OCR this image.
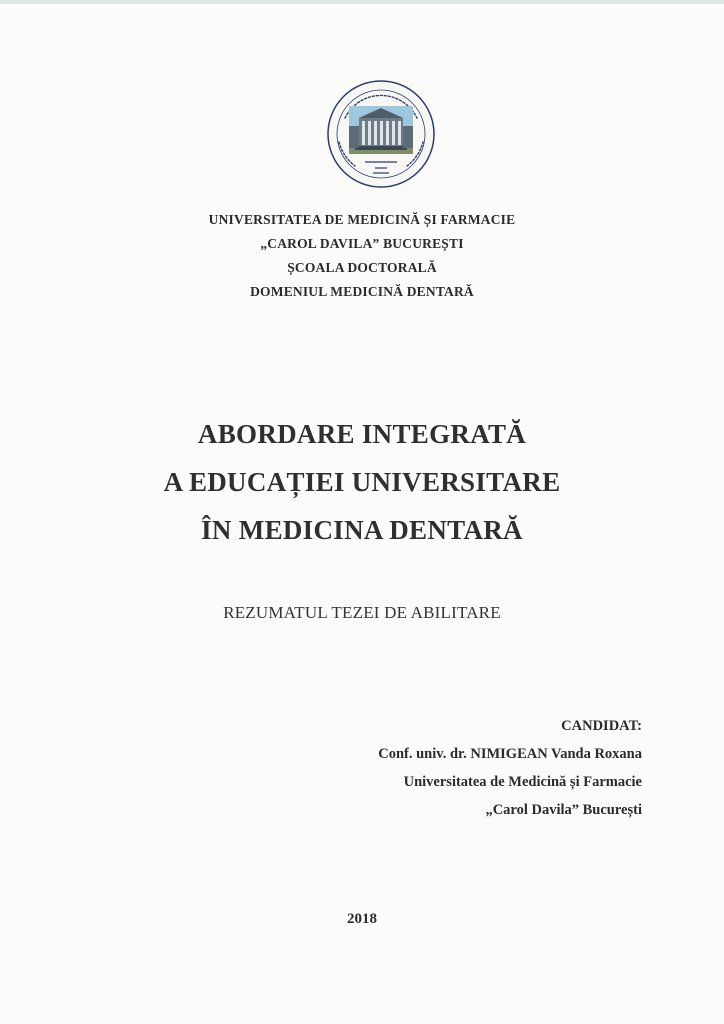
UNIVERSITATEA DE MEDICINĂ ȘI FARMACIE
„CAROL DAVILA” BUCUREȘTI
ȘCOALA DOCTORALĂ
DOMENIUL MEDICINĂ DENTARĂ
ABORDARE INTEGRATĂ
A EDUCAȚIEI UNIVERSITARE
ÎN MEDICINA DENTARĂ
REZUMATUL TEZEI DE ABILITARE
CANDIDAT:
Conf. univ. dr. NIMIGEAN Vanda Roxana
Universitatea de Medicină și Farmacie
„Carol Davila” București
2018
